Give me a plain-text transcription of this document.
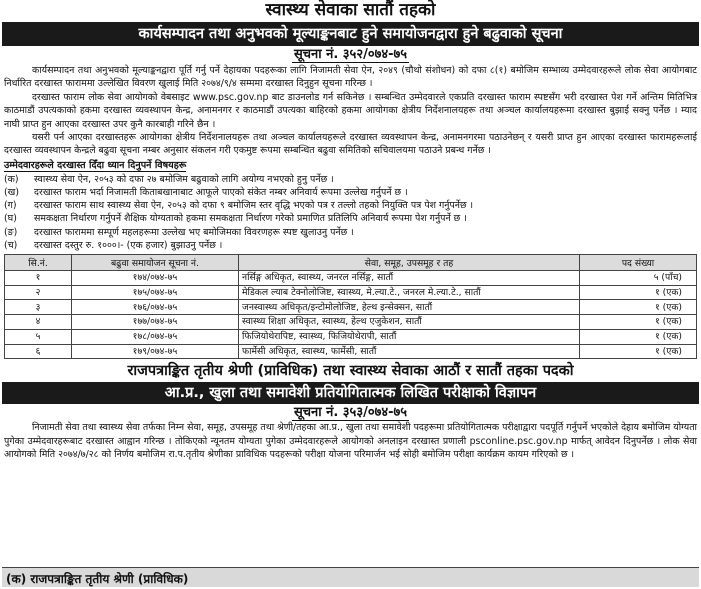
स्वास्थ्य सेवाका सातौं तहको
कार्यसम्पादन तथा अनुभवको मूल्याङ्कनबाट हुने समायोजनद्वारा हुने बढुवाको सूचना
सूचना नं. ३५२/०७४-७५

कार्यसम्पादन तथा अनुभवको मूल्याङ्कनद्वारा पूर्ति गर्नु पर्ने देहायका पदहरूका लागि निजामती सेवा ऐन, २०४९ (चौथो संशोधन) को दफा ८(१) बमोजिम सम्भाव्य उम्मेदवारहरूले लोक सेवा आयोगबाट निर्धारित दरखास्त फाराममा उल्लेखित विवरण खुलाई मिति २०७४/९/४ सम्ममा दरखास्त दिनुहुन सूचना गरिन्छ ।

दरखास्त फाराम लोक सेवा आयोगको वेबसाइट www.psc.gov.np बाट डाउनलोड गर्न सकिनेछ । सम्बन्धित उम्मेदवारले एकप्रति दरखास्त फाराम स्पष्टसँग भरी दरखास्त पेश गर्ने अन्तिम मितिभित्र काठमाडौं उपत्यकाको हकमा दरखास्त व्यवस्थापन केन्द्र, अनामनगर र काठमाडौं उपत्यका बाहिरको हकमा आयोगका क्षेत्रीय निर्देशनालयहरू तथा अञ्चल कार्यालयहरूमा दरखास्त बुझाई सक्नु पर्नेछ । म्याद नाघी प्राप्त हुन आएका दरखास्त उपर कुनै कारबाही गरिने छैन ।

यसरी पर्न आएका दरखास्तहरू आयोगका क्षेत्रीय निर्देशनालयहरू तथा अञ्चल कार्यालयहरूले दरखास्त व्यवस्थापन केन्द्र, अनामनगरमा पठाउनेछन् र यसरी प्राप्त हुन आएका दरखास्त फारामहरूलाई दरखास्त व्यवस्थापन केन्द्रले बढुवा सूचना नम्बर अनुसार संकलन गरी एकमुष्ट रूपमा सम्बन्धित बढुवा समितिको सचिवालयमा पठाउने प्रबन्ध गर्नेछ ।

उम्मेदवारहरूले दरखास्त दिँदा ध्यान दिनुपर्ने विषयहरू
(क)	स्वास्थ्य सेवा ऐन, २०५३ को दफा २७ बमोजिम बढुवाको लागि अयोग्य नभएको हुनु पर्नेछ ।
(ख)	दरखास्त फाराम भर्दा निजामती किताबखानाबाट आफूले पाएको संकेत नम्बर अनिवार्य रूपमा उल्लेख गर्नुपर्ने छ ।
(ग)	दरखास्त फाराम साथ स्वास्थ्य सेवा ऐन, २०५३ को दफा ९ बमोजिम स्तर वृद्धि भएको पत्र र तल्लो तहको नियुक्ति पत्र पेश गर्नुपर्नेछ ।
(घ)	समकक्षता निर्धारण गर्नुपर्ने शैक्षिक योग्यताको हकमा समकक्षता निर्धारण गरेको प्रमाणित प्रतिलिपि अनिवार्य रूपमा पेश गर्नुपर्ने छ ।
(ङ)	दरखास्त फाराममा सम्पूर्ण महलहरूमा उल्लेख भए बमोजिमका विवरणहरू स्पष्ट खुलाउनु पर्नेछ ।
(च)	दरखास्त दस्तुर रु. १०००।- (एक हजार) बुझाउनु पर्नेछ ।
सि.नं.	बढुवा समायोजन सूचना नं.	सेवा, समूह, उपसमूह र तह	पद संख्या
१	१७४/०७४-७५	नर्सिङ्ग अधिकृत, स्वास्थ्य, जनरल नर्सिङ्ग, सातौं	५ (पाँच)
२	१७५/०७४-७५	मेडिकल ल्याब टेक्नोलोजिष्ट, स्वास्थ्य, मे.ल्या.टे., जनरल मे.ल्या.टे., सातौं	१ (एक)
३	१७६/०७४-७५	जनस्वास्थ्य अधिकृत/इन्टोमोलोजिष्ट, हेल्थ इन्सेक्सन, सातौं	१ (एक)
४	१७७/०७४-७५	स्वास्थ्य शिक्षा अधिकृत, स्वास्थ्य, हेल्थ एजुकेशन, सातौं	१ (एक)
५	१७८/०७४-७५	फिजियोथेरापिष्ट, स्वास्थ्य, फिजियोथेरापी, सातौं	१ (एक)
६	१७९/०७४-७५	फार्मेसी अधिकृत, स्वास्थ्य, फार्मेसी, सातौं	१ (एक)
राजपत्राङ्कित तृतीय श्रेणी (प्राविधिक) तथा स्वास्थ्य सेवाका आठौं र सातौं तहका पदको
आ.प्र., खुला तथा समावेशी प्रतियोगितात्मक लिखित परीक्षाको विज्ञापन
सूचना नं. ३५३/०७४-७५

निजामती सेवा तथा स्वास्थ्य सेवा तर्फका निम्न सेवा, समूह, उपसमूह तथा श्रेणी/तहका आ.प्र., खुला तथा समावेशी पदहरूमा प्रतियोगितात्मक परीक्षाद्वारा पदपूर्ति गर्नुपर्ने भएकोले देहाय बमोजिम योग्यता पुगेका उम्मेदवारहरूबाट दरखास्त आह्वान गरिन्छ । तोकिएको न्यूनतम योग्यता पुगेका उम्मेदवारहरूले आयोगको अनलाइन दरखास्त प्रणाली psconline.psc.gov.np मार्फत् आवेदन दिनुपर्नेछ । लोक सेवा आयोगको मिति २०७४/७/२८ को निर्णय बमोजिम रा.प.तृतीय श्रेणीका प्राविधिक पदहरूको परीक्षा योजना परिमार्जन भई सोही बमोजिम परीक्षा कार्यक्रम कायम गरिएको छ ।

(क) राजपत्राङ्कित तृतीय श्रेणी (प्राविधिक)
